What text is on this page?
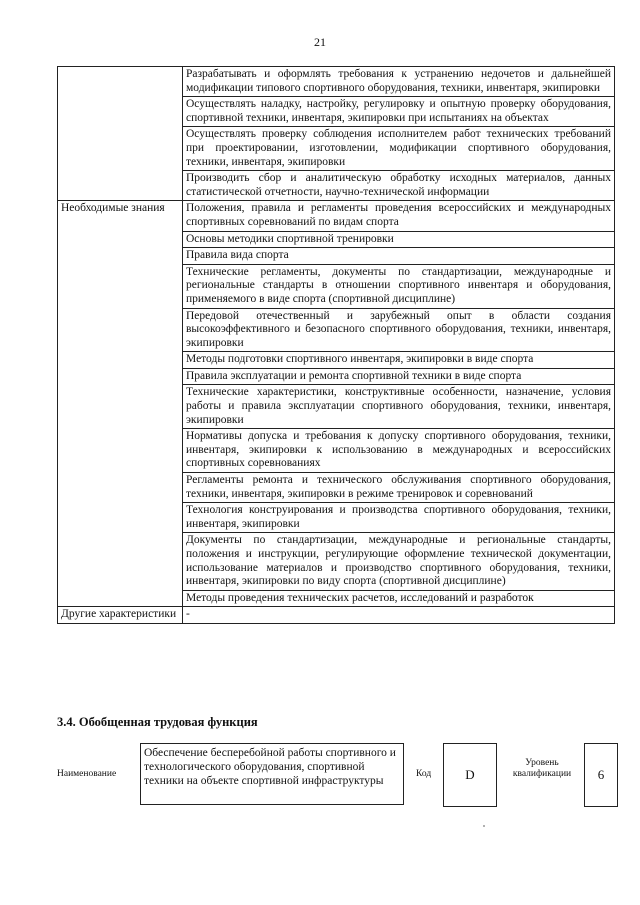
21
	Разрабатывать и оформлять требования к устранению недочетов и дальнейшей модификации типового спортивного оборудования, техники, инвентаря, экипировки
	Осуществлять наладку, настройку, регулировку и опытную проверку оборудования, спортивной техники, инвентаря, экипировки при испытаниях на объектах
	Осуществлять проверку соблюдения исполнителем работ технических требований при проектировании, изготовлении, модификации спортивного оборудования, техники, инвентаря, экипировки
	Производить сбор и аналитическую обработку исходных материалов, данных статистической отчетности, научно-технической информации
Необходимые знания	Положения, правила и регламенты проведения всероссийских и международных спортивных соревнований по видам спорта
	Основы методики спортивной тренировки
	Правила вида спорта
	Технические регламенты, документы по стандартизации, международные и региональные стандарты в отношении спортивного инвентаря и оборудования, применяемого в виде спорта (спортивной дисциплине)
	Передовой отечественный и зарубежный опыт в области создания высокоэффективного и безопасного спортивного оборудования, техники, инвентаря, экипировки
	Методы подготовки спортивного инвентаря, экипировки в виде спорта
	Правила эксплуатации и ремонта спортивной техники в виде спорта
	Технические характеристики, конструктивные особенности, назначение, условия работы и правила эксплуатации спортивного оборудования, техники, инвентаря, экипировки
	Нормативы допуска и требования к допуску спортивного оборудования, техники, инвентаря, экипировки к использованию в международных и всероссийских спортивных соревнованиях
	Регламенты ремонта и технического обслуживания спортивного оборудования, техники, инвентаря, экипировки в режиме тренировок и соревнований
	Технология конструирования и производства спортивного оборудования, техники, инвентаря, экипировки
	Документы по стандартизации, международные и региональные стандарты, положения и инструкции, регулирующие оформление технической документации, использование материалов и производство спортивного оборудования, техники, инвентаря, экипировки по виду спорта (спортивной дисциплине)
	Методы проведения технических расчетов, исследований и разработок
Другие характеристики	-
3.4. Обобщенная трудовая функция
Наименование
Обеспечение бесперебойной работы спортивного и технологического оборудования, спортивной техники на объекте спортивной инфраструктуры
Код	D
Уровень квалификации	6
